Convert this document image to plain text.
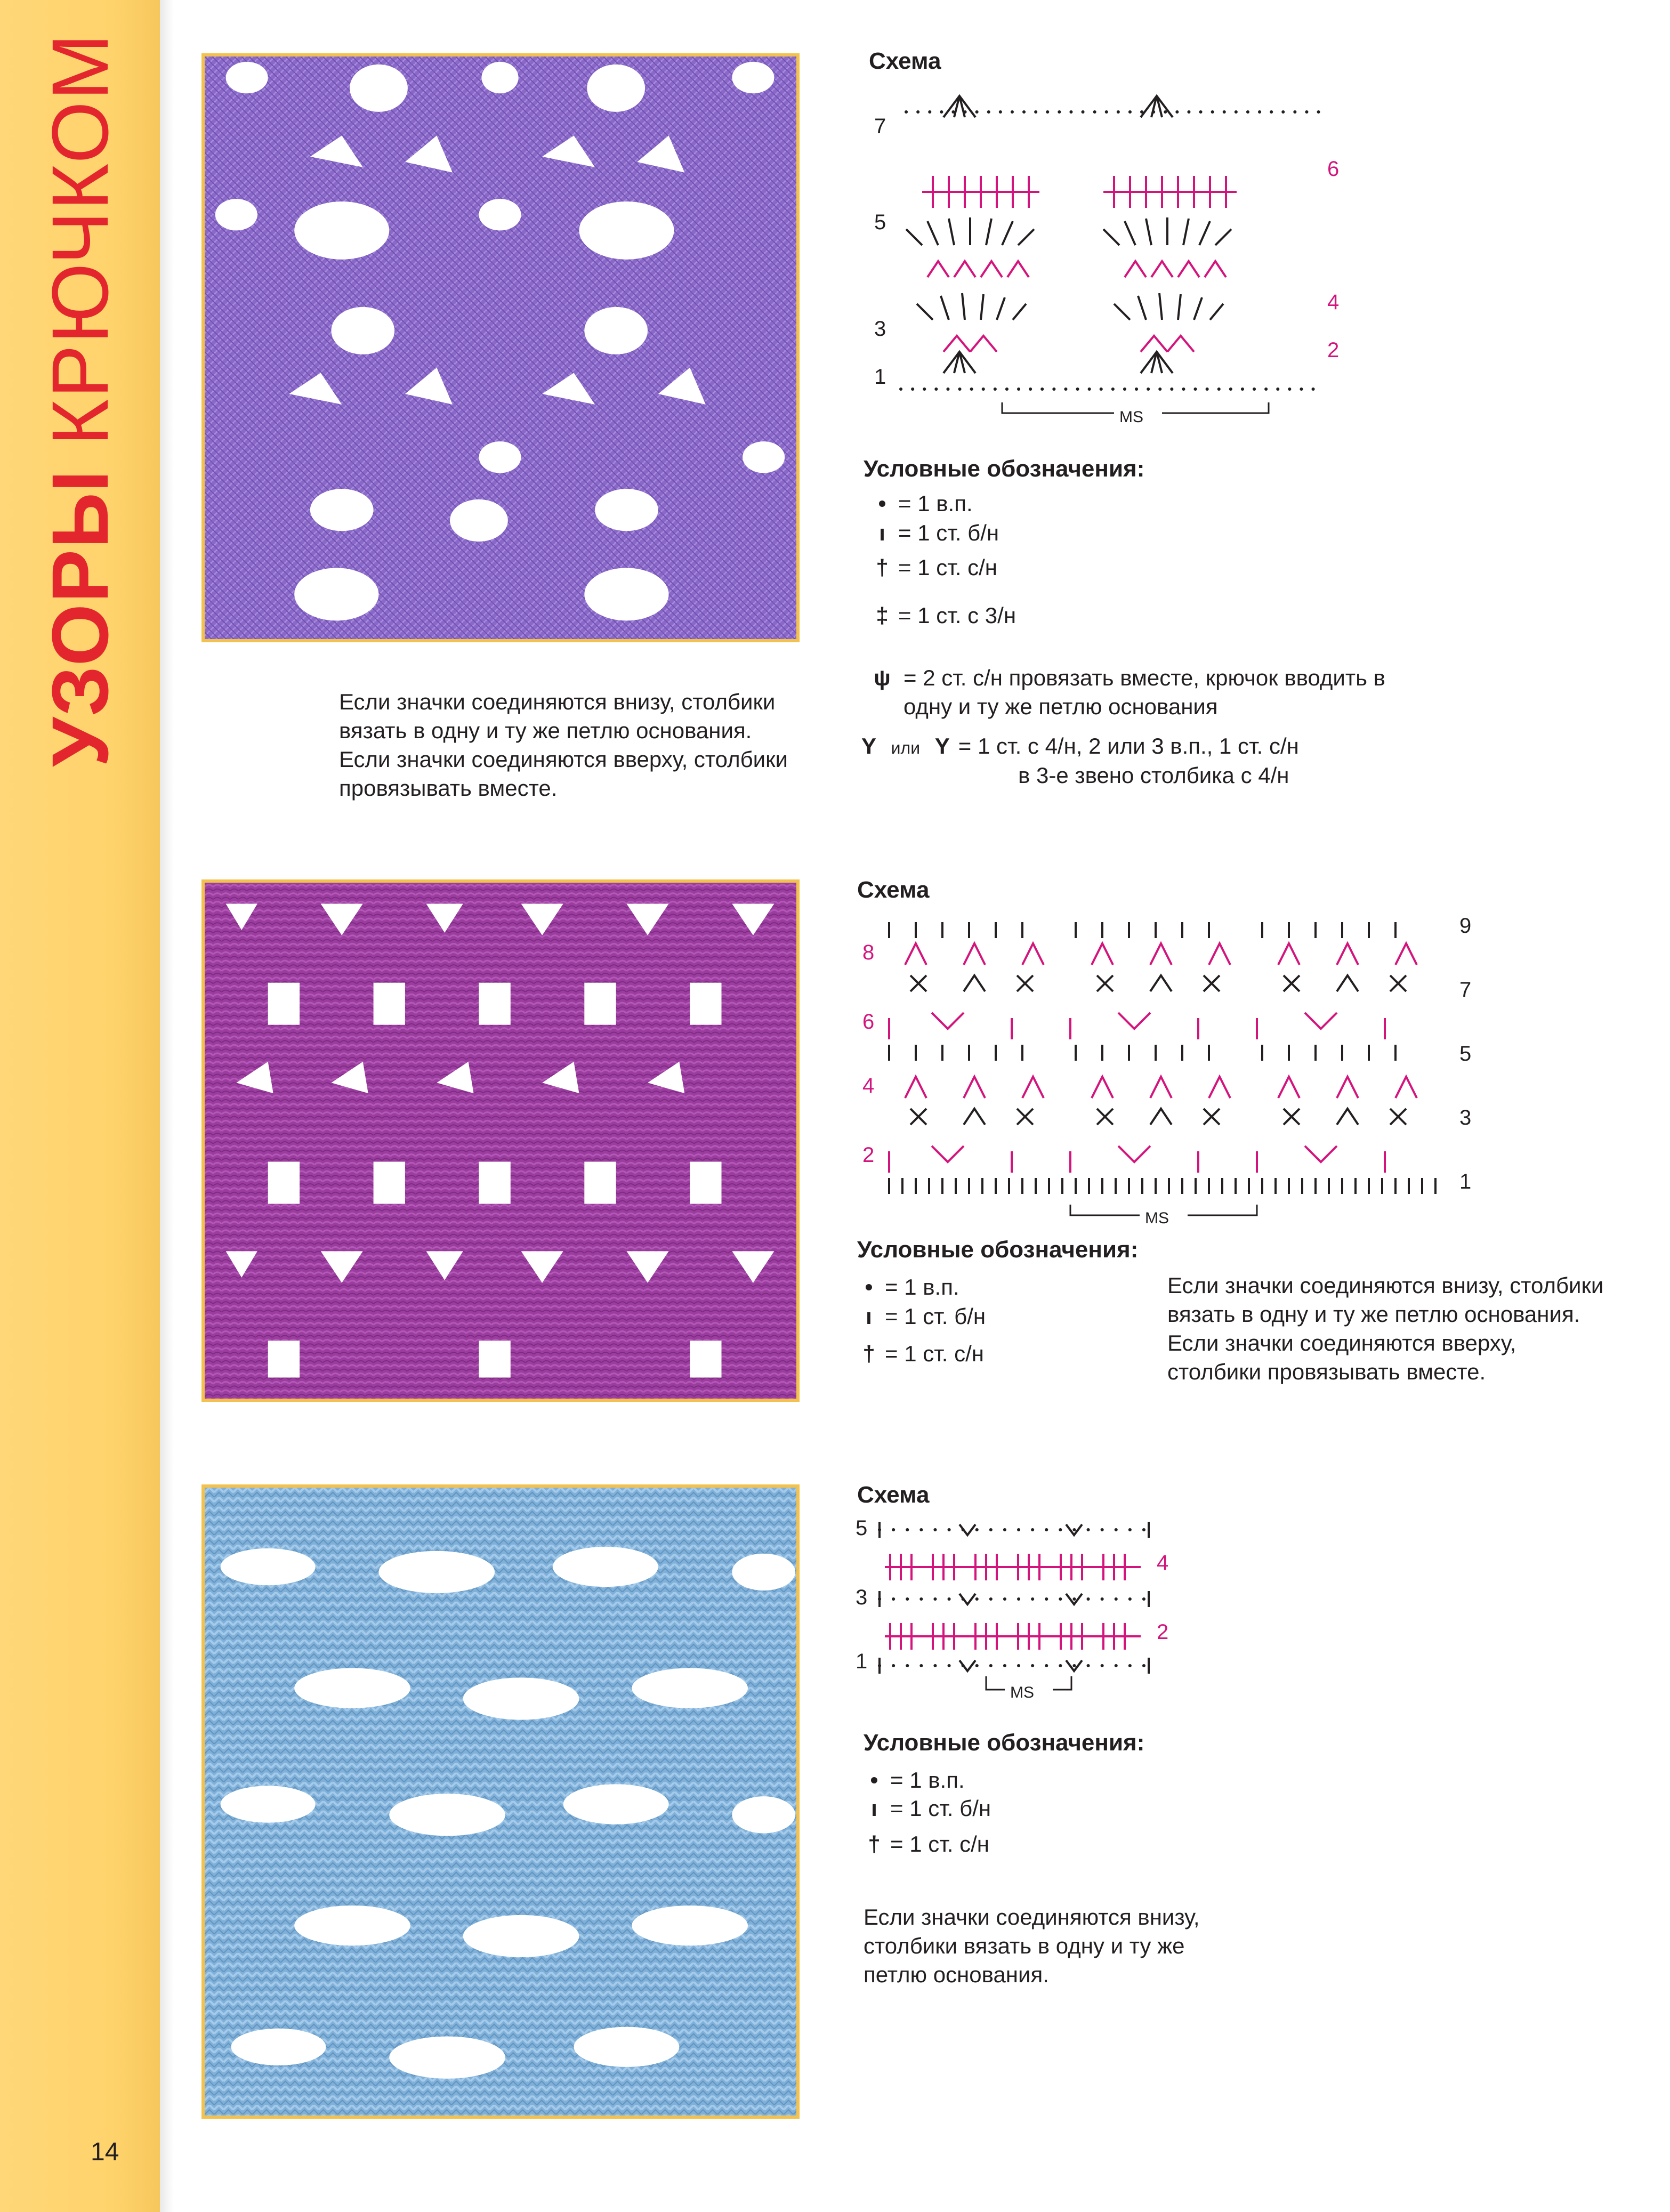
УЗОРЫ КРЮЧКОМ
14
Схема
7
5
3
1
6
4
2
MS
Условные обозначения:
• = 1 в.п.
ı = 1 ст. б/н
† = 1 ст. с/н
‡ = 1 ст. с 3/н
ψ = 2 ст. с/н провязать вместе, крючок вводить в одну и ту же петлю основания
Y или Y = 1 ст. с 4/н, 2 или 3 в.п., 1 ст. с/н
в 3-е звено столбика с 4/н
Если значки соединяются внизу, столбики вязать в одну и ту же петлю основания. Если значки соединяются вверху, столбики провязывать вместе.
Схема
8
6
4
2
9
7
5
3
1
MS
Условные обозначения:
• = 1 в.п.
ı = 1 ст. б/н
† = 1 ст. с/н
Если значки соединяются внизу, столбики вязать в одну и ту же петлю основания. Если значки соединяются вверху, столбики провязывать вместе.
Схема
5
3
1
4
2
MS
Условные обозначения:
• = 1 в.п.
ı = 1 ст. б/н
† = 1 ст. с/н
Если значки соединяются внизу, столбики вязать в одну и ту же петлю основания.
